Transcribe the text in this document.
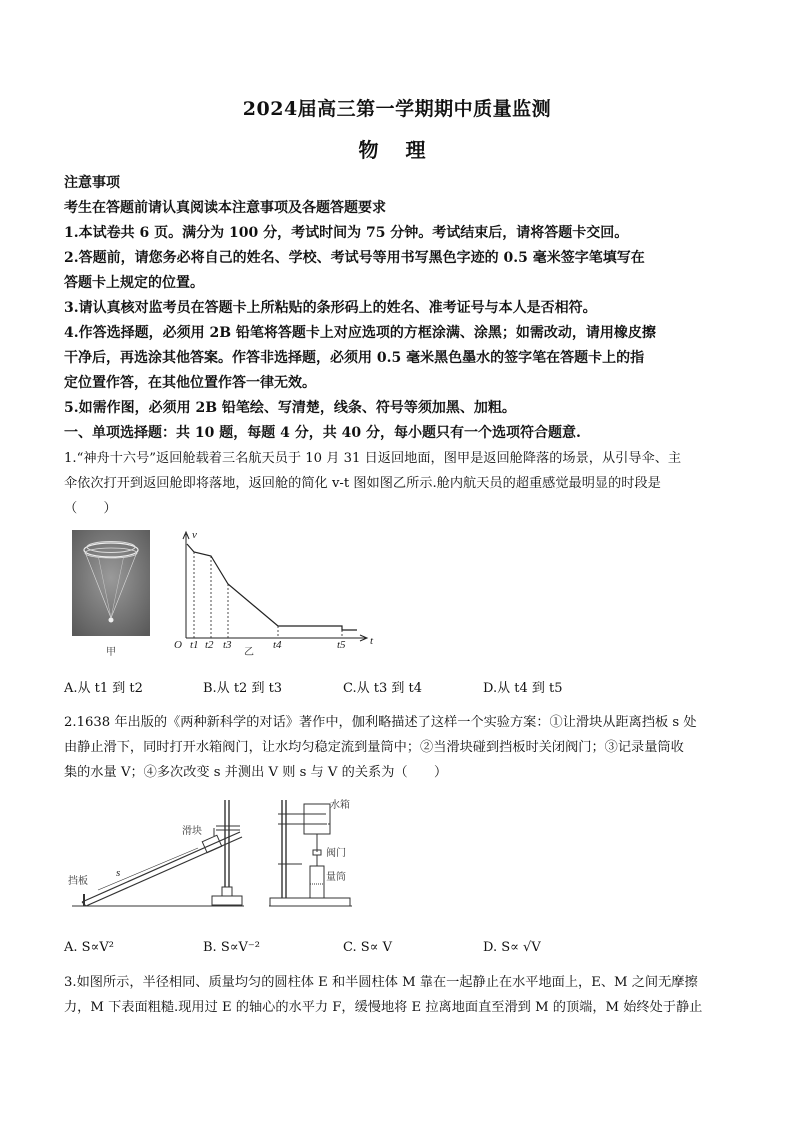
2024届高三第一学期期中质量监测
物 理
注意事项
考生在答题前请认真阅读本注意事项及各题答题要求
1.本试卷共 6 页。满分为 100 分，考试时间为 75 分钟。考试结束后，请将答题卡交回。
2.答题前，请您务必将自己的姓名、学校、考试号等用书写黑色字迹的 0.5 毫米签字笔填写在
答题卡上规定的位置。
3.请认真核对监考员在答题卡上所粘贴的条形码上的姓名、准考证号与本人是否相符。
4.作答选择题，必须用 2B 铅笔将答题卡上对应选项的方框涂满、涂黑；如需改动，请用橡皮擦
干净后，再选涂其他答案。作答非选择题，必须用 0.5 毫米黑色墨水的签字笔在答题卡上的指
定位置作答，在其他位置作答一律无效。
5.如需作图，必须用 2B 铅笔绘、写清楚，线条、符号等须加黑、加粗。
一、单项选择题：共 10 题，每题 4 分，共 40 分，每小题只有一个选项符合题意.
1.“神舟十六号”返回舱载着三名航天员于 10 月 31 日返回地面，图甲是返回舱降落的场景，从引导伞、主
伞依次打开到返回舱即将落地，返回舱的简化 v-t 图如图乙所示.舱内航天员的超重感觉最明显的时段是
（　　）
甲
v
t
O t1 t2 t3	t4	t5
乙
A.从 t1 到 t2	B.从 t2 到 t3	C.从 t3 到 t4	D.从 t4 到 t5
2.1638 年出版的《两种新科学的对话》著作中，伽利略描述了这样一个实验方案：①让滑块从距离挡板 s 处
由静止滑下，同时打开水箱阀门，让水均匀稳定流到量筒中；②当滑块碰到挡板时关闭阀门；③记录量筒收
集的水量 V；④多次改变 s 并测出 V 则 s 与 V 的关系为（　　）
滑块
s
挡板
水箱
阀门
量筒
A. S∝V²	B. S∝V⁻²	C. S∝ V	D. S∝ √V
3.如图所示，半径相同、质量均匀的圆柱体 E 和半圆柱体 M 靠在一起静止在水平地面上，E、M 之间无摩擦
力，M 下表面粗糙.现用过 E 的轴心的水平力 F，缓慢地将 E 拉离地面直至滑到 M 的顶端，M 始终处于静止
